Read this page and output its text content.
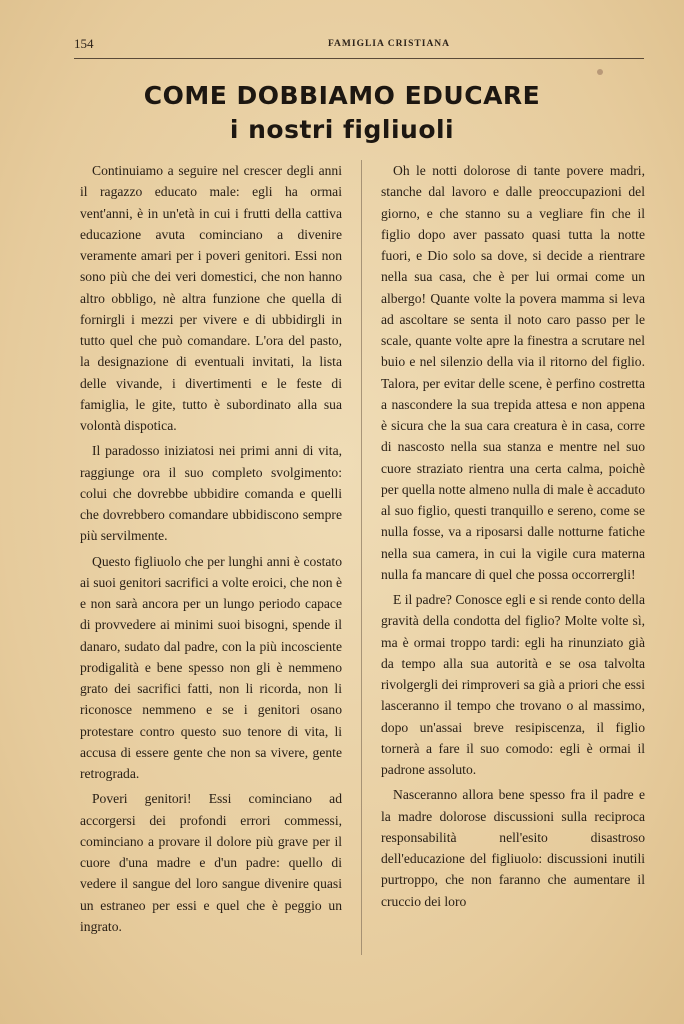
154	FAMIGLIA CRISTIANA
COME DOBBIAMO EDUCARE
i nostri figliuoli

Continuiamo a seguire nel crescer degli anni il ragazzo educato male: egli ha ormai vent'anni, è in un'età in cui i frutti della cattiva educazione avuta cominciano a divenire veramente amari per i poveri genitori. Essi non sono più che dei veri domestici, che non hanno altro obbligo, nè altra funzione che quella di fornirgli i mezzi per vivere e di ubbidirgli in tutto quel che può comandare. L'ora del pasto, la designazione di eventuali invitati, la lista delle vivande, i divertimenti e le feste di famiglia, le gite, tutto è subordinato alla sua volontà dispotica.

Il paradosso iniziatosi nei primi anni di vita, raggiunge ora il suo completo svolgimento: colui che dovrebbe ubbidire comanda e quelli che dovrebbero comandare ubbidiscono sempre più servilmente.

Questo figliuolo che per lunghi anni è costato ai suoi genitori sacrifici a volte eroici, che non è e non sarà ancora per un lungo periodo capace di provvedere ai minimi suoi bisogni, spende il danaro, sudato dal padre, con la più incosciente prodigalità e bene spesso non gli è nemmeno grato dei sacrifici fatti, non li ricorda, non li riconosce nemmeno e se i genitori osano protestare contro questo suo tenore di vita, li accusa di essere gente che non sa vivere, gente retrograda.

Poveri genitori! Essi cominciano ad accorgersi dei profondi errori commessi, cominciano a provare il dolore più grave per il cuore d'una madre e d'un padre: quello di vedere il sangue del loro sangue divenire quasi un estraneo per essi e quel che è peggio un ingrato.

Oh le notti dolorose di tante povere madri, stanche dal lavoro e dalle preoccupazioni del giorno, e che stanno su a vegliare fin che il figlio dopo aver passato quasi tutta la notte fuori, e Dio solo sa dove, si decide a rientrare nella sua casa, che è per lui ormai come un albergo! Quante volte la povera mamma si leva ad ascoltare se senta il noto caro passo per le scale, quante volte apre la finestra a scrutare nel buio e nel silenzio della via il ritorno del figlio. Talora, per evitar delle scene, è perfino costretta a nascondere la sua trepida attesa e non appena è sicura che la sua cara creatura è in casa, corre di nascosto nella sua stanza e mentre nel suo cuore straziato rientra una certa calma, poichè per quella notte almeno nulla di male è accaduto al suo figlio, questi tranquillo e sereno, come se nulla fosse, va a riposarsi dalle notturne fatiche nella sua camera, in cui la vigile cura materna nulla fa mancare di quel che possa occorrergli!

E il padre? Conosce egli e si rende conto della gravità della condotta del figlio? Molte volte sì, ma è ormai troppo tardi: egli ha rinunziato già da tempo alla sua autorità e se osa talvolta rivolgergli dei rimproveri sa già a priori che essi lasceranno il tempo che trovano o al massimo, dopo un'assai breve resipiscenza, il figlio tornerà a fare il suo comodo: egli è ormai il padrone assoluto.

Nasceranno allora bene spesso fra il padre e la madre dolorose discussioni sulla reciproca responsabilità nell'esito disastroso dell'educazione del figliuolo: discussioni inutili purtroppo, che non faranno che aumentare il cruccio dei loro
